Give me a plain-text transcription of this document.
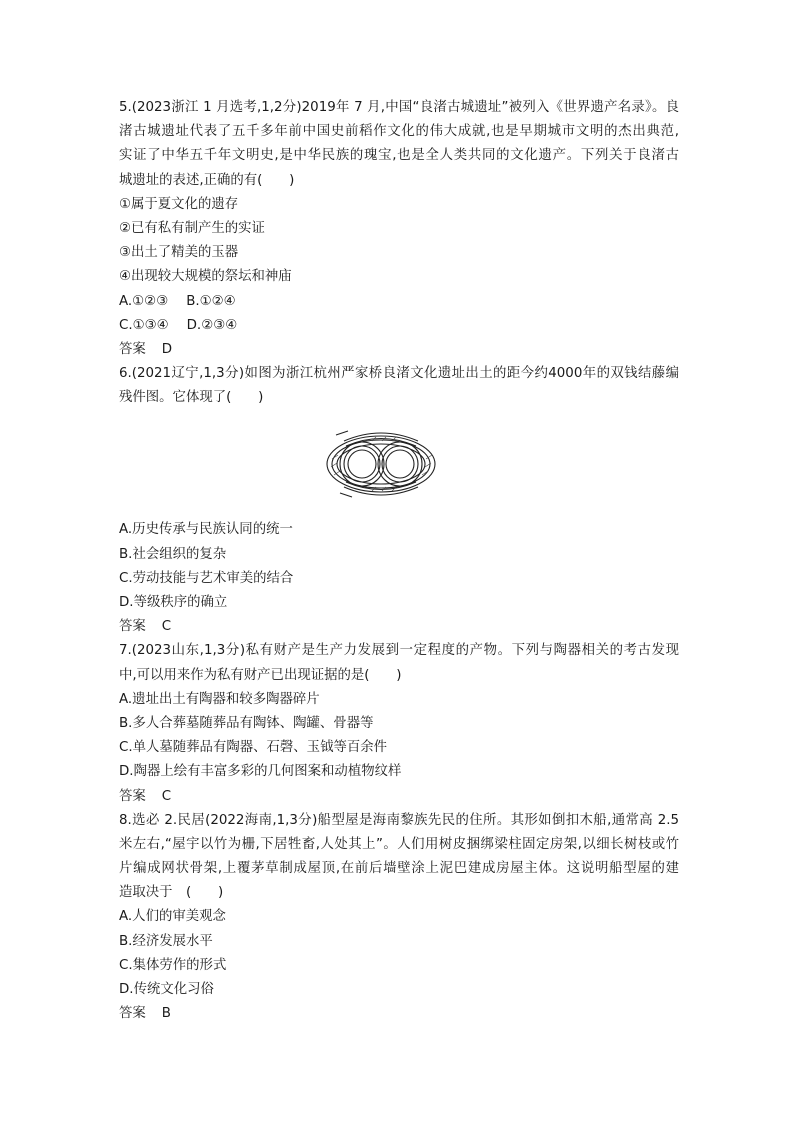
5.(2023浙江 1 月选考,1,2分)2019年 7 月,中国“良渚古城遗址”被列入《世界遗产名录》。良
渚古城遗址代表了五千多年前中国史前稻作文化的伟大成就,也是早期城市文明的杰出典范,
实证了中华五千年文明史,是中华民族的瑰宝,也是全人类共同的文化遗产。下列关于良渚古
城遗址的表述,正确的有(　　)
①属于夏文化的遗存
②已有私有制产生的实证
③出土了精美的玉器
④出现较大规模的祭坛和神庙
A.①②③ B.①②④
C.①③④ D.②③④
答案 D
6.(2021辽宁,1,3分)如图为浙江杭州严家桥良渚文化遗址出土的距今约4000年的双钱结藤编
残件图。它体现了(　　)
A.历史传承与民族认同的统一
B.社会组织的复杂
C.劳动技能与艺术审美的结合
D.等级秩序的确立
答案 C
7.(2023山东,1,3分)私有财产是生产力发展到一定程度的产物。下列与陶器相关的考古发现
中,可以用来作为私有财产已出现证据的是(　　)
A.遗址出土有陶器和较多陶器碎片
B.多人合葬墓随葬品有陶钵、陶罐、骨器等
C.单人墓随葬品有陶器、石磬、玉钺等百余件
D.陶器上绘有丰富多彩的几何图案和动植物纹样
答案 C
8.选必 2.民居(2022海南,1,3分)船型屋是海南黎族先民的住所。其形如倒扣木船,通常高 2.5
米左右,“屋宇以竹为栅,下居牲畜,人处其上”。人们用树皮捆绑梁柱固定房架,以细长树枝或竹
片编成网状骨架,上覆茅草制成屋顶,在前后墙壁涂上泥巴建成房屋主体。这说明船型屋的建
造取决于　(　　)
A.人们的审美观念
B.经济发展水平
C.集体劳作的形式
D.传统文化习俗
答案 B
